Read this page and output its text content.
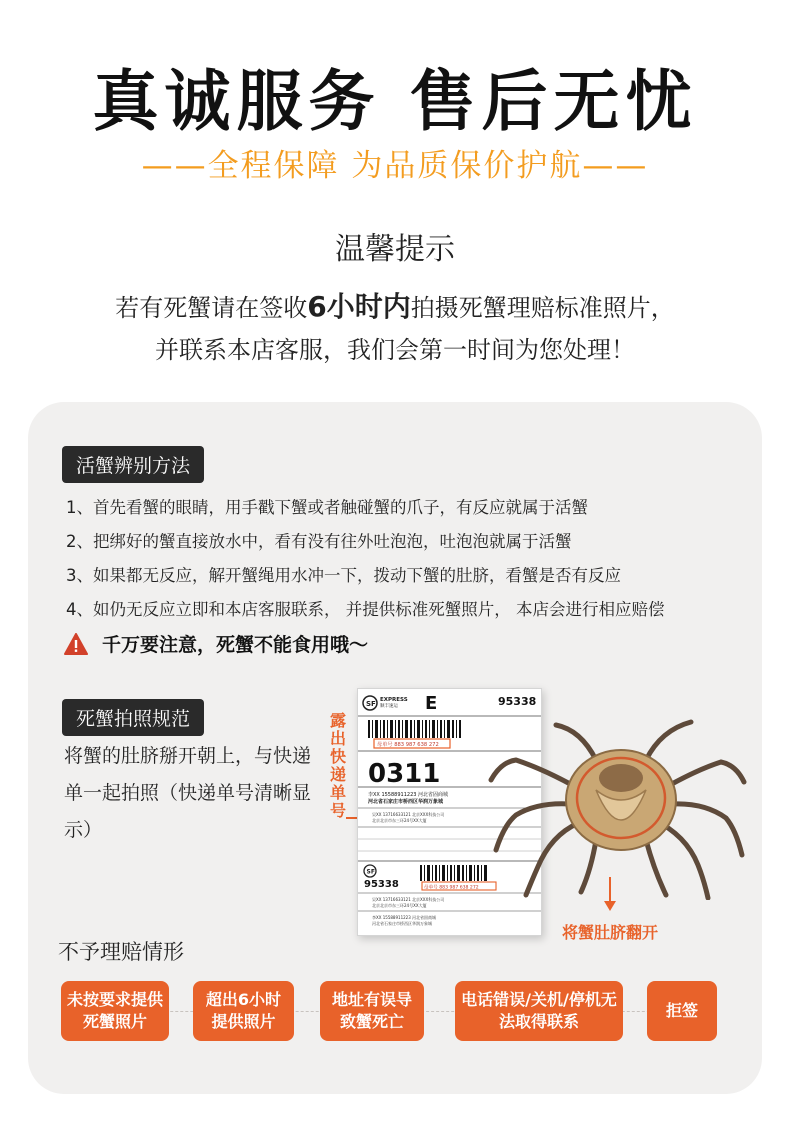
真诚服务 售后无忧
——全程保障 为品质保价护航——
温馨提示
若有死蟹请在签收6小时内拍摄死蟹理赔标准照片，
并联系本店客服，我们会第一时间为您处理！
活蟹辨别方法
1、首先看蟹的眼睛，用手戳下蟹或者触碰蟹的爪子，有反应就属于活蟹
2、把绑好的蟹直接放水中，看有没有往外吐泡泡，吐泡泡就属于活蟹
3、如果都无反应，解开蟹绳用水冲一下，拨动下蟹的肚脐，看蟹是否有反应
4、如仍无反应立即和本店客服联系， 并提供标准死蟹照片， 本店会进行相应赔偿
千万要注意，死蟹不能食用哦～
死蟹拍照规范
将蟹的肚脐掰开朝上，与快递单一起拍照（快递单号清晰显示）
露出快递单号
SF EXPRESS
顺丰速运 E	95338
母单号 883 987 638 272
0311
李XX 15588911223 河北省固商城
河北省石家庄市桥西区华润万象城
吴XX 13716633121 北京XXX科技公司
北京北京市东三环24号XX大厦
SF
95338	母单号 883 987 638 272
吴XX 13716633121 北京XXX科技公司
北京北京市东三环24号XX大厦
李XX 15588911223 河北省固商城
河北省石家庄市桥西区华润万象城	将蟹肚脐翻开
不予理赔情形
未按要求提供死蟹照片
超出6小时提供照片
地址有误导致蟹死亡
电话错误/关机/停机无法取得联系
拒签
